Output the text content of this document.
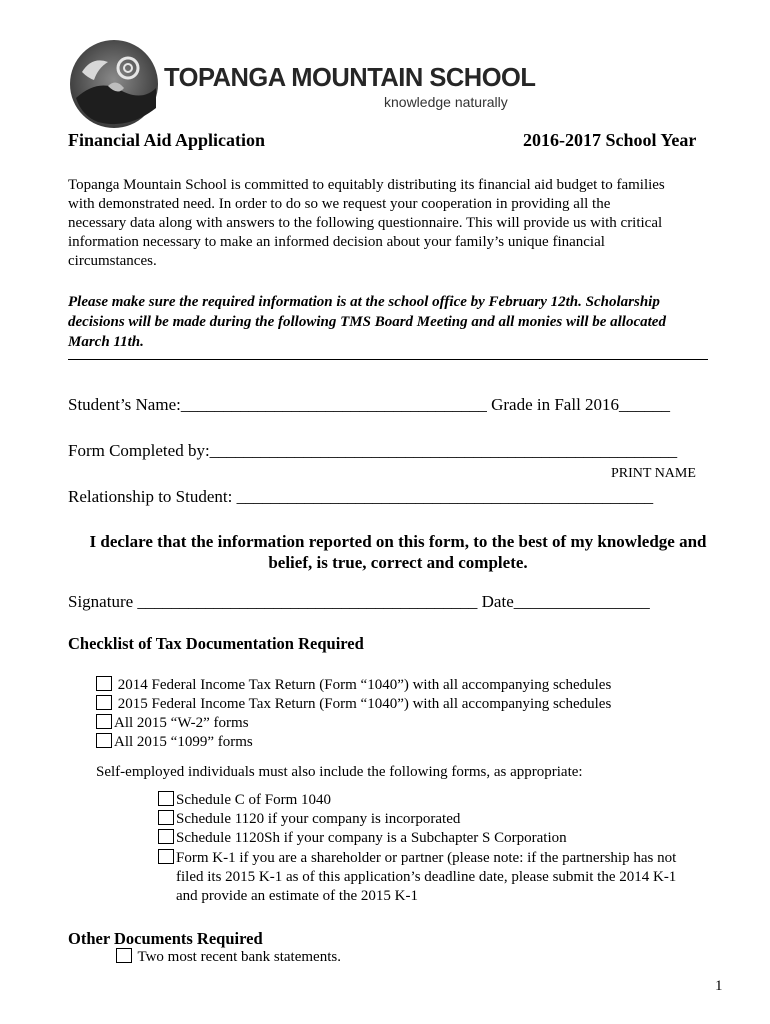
TOPANGA MOUNTAIN SCHOOL
knowledge naturally
Financial Aid Application	2016-2017 School Year
Topanga Mountain School is committed to equitably distributing its financial aid budget to families
with demonstrated need. In order to do so we request your cooperation in providing all the
necessary data along with answers to the following questionnaire. This will provide us with critical
information necessary to make an informed decision about your family’s unique financial
circumstances.
Please make sure the required information is at the school office by February 12th. Scholarship
decisions will be made during the following TMS Board Meeting and all monies will be allocated
March 11th.
Student’s Name:____________________________________ Grade in Fall 2016______
Form Completed by:_______________________________________________________
PRINT NAME
Relationship to Student: _________________________________________________
I declare that the information reported on this form, to the best of my knowledge and
belief, is true, correct and complete.
Signature ________________________________________ Date________________
Checklist of Tax Documentation Required
2014 Federal Income Tax Return (Form “1040”) with all accompanying schedules
2015 Federal Income Tax Return (Form “1040”) with all accompanying schedules
All 2015 “W-2” forms
All 2015 “1099” forms
Self-employed individuals must also include the following forms, as appropriate:
Schedule C of Form 1040
Schedule 1120 if your company is incorporated
Schedule 1120Sh if your company is a Subchapter S Corporation
Form K-1 if you are a shareholder or partner (please note: if the partnership has not
filed its 2015 K-1 as of this application’s deadline date, please submit the 2014 K-1
and provide an estimate of the 2015 K-1
Other Documents Required
Two most recent bank statements.
1
